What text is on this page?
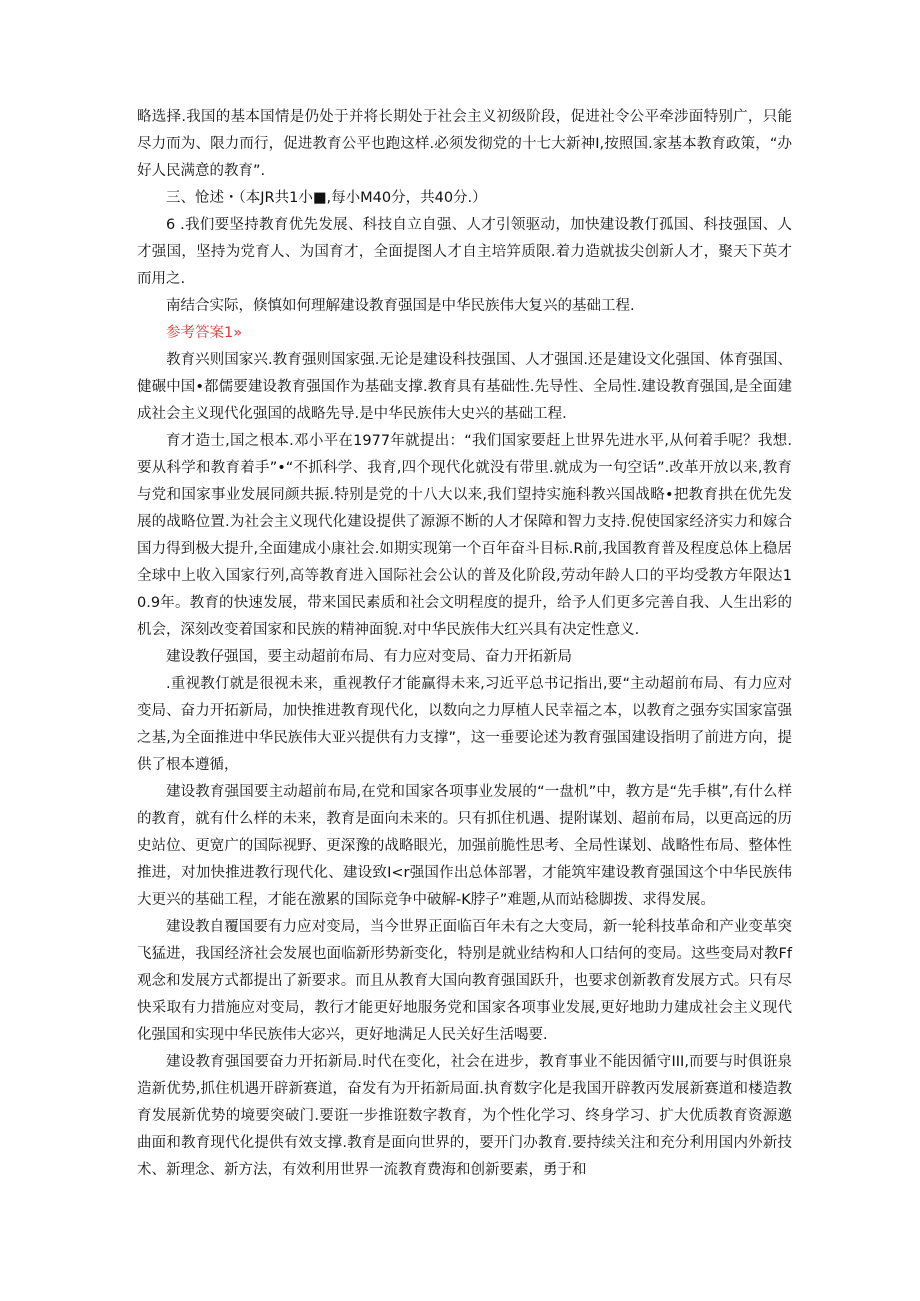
略选择.我国的基本国情是仍处于并将长期处于社会主义初级阶段，促进社令公平牵涉面特别广，只能尽力而为、限力而行，促进教育公平也跑这样.必须发彻党的十七大新神I,按照国.家基本教育政策，“办好人民满意的教育”.

三、怆述・（本JR共1小■,每小M40分，共40分.）

6 .我们要坚持教育优先发展、科技自立自强、人才引领驱动，加快建设教仃孤国、科技强国、人才强国，坚持为党育人、为国育才，全面提图人才自主培笄质限.着力造就拔尖创新人才，聚天下英才而用之.

南结合实际，倏慎如何理解建设教育强国是中华民族伟大复兴的基础工程.

参考答案1»

教育兴则国家兴.教育强则国家强.无论是建设科技强国、人才强国.还是建设文化强国、体育强国、健碾中国•都儒要建设教育强国作为基础支撑.教育具有基础性.先导性、全局性.建设教育强国,是全面建成社会主义现代化强国的战略先导.是中华民族伟大史兴的基础工程.

育才造士,国之根本.邓小平在1977年就提出：“我们国家要赶上世界先进水平,从何着手呢？我想.要从科学和教育着手”•“不抓科学、我育,四个现代化就没有带里.就成为一句空话”.改革开放以来,教育与党和国家事业发展同颜共振.特别是党的十八大以来,我们望持实施科教兴国战略•把教育拱在优先发展的战略位置.为社会主义现代化建设提供了源源不断的人才保障和智力支持.倪使国家经济实力和嫁合国力得到极大提升,全面建成小康社会.如期实现第一个百年奋斗目标.R前,我国教育普及程度总体上稳居全球中上收入国家行列,高等教育进入国际社会公认的普及化阶段,劳动年龄人口的平均受教方年限达10.9年。教育的快速发展，带来国民素质和社会文明程度的提升，给予人们更多完善自我、人生出彩的机会，深刻改变着国家和民族的精神面貌.对中华民族伟大红兴具有决定性意义.

建设教仔强国，要主动超前布局、有力应对变局、奋力开拓新局

.重视教仃就是很视未来，重视教仔才能赢得未来,习近平总书记指出,要“主动超前布局、有力应对变局、奋力开拓新局，加快推进教育现代化，以数向之力厚植人民幸福之本，以教育之强夯实国家富强之基,为全面推进中华民族伟大亚兴提供有力支撑”，这一垂要论述为教育强国建设指明了前进方向，提供了根本遵循，

建设教育强国要主动超前布局,在党和国家各项事业发展的“一盘机”中，教方是“先手棋”,有什么样的教育，就有什么样的未来，教育是面向未来的。只有抓住机遇、提附谋划、超前布局，以更高远的历史站位、更宽广的国际视野、更深豫的战略眼光，加强前脆性思考、全局性谋划、战略性布局、整体性推进，对加快推进教行现代化、建设致I<r强国作出总体部署，才能筑牢建设教育强国这个中华民族伟大更兴的基础工程，才能在激累的国际竞争中破解-K脖子”难题,从而站稔脚拨、求得发展。

建设教自覆国要有力应对变局，当今世界正面临百年未有之大变局，新一轮科技革命和产业变革突飞猛进，我国经济社会发展也面临新形势新变化，特别是就业结构和人口结何的变局。这些变局对教Ff观念和发展方式都提出了新要求。而且从教育大国向教育强国跃升，也要求创新教育发展方式。只有尽快采取有力措施应对变局，教行才能更好地服务党和国家各项事业发展,更好地助力建成社会主义现代化强国和实现中华民族伟大宓兴，更好地满足人民关好生活喝要.

建设教育强国要奋力开拓新局.时代在变化，社会在进步，教育事业不能因循守III,而要与时俱诳泉造新优势,抓住机遇开辟新赛道，奋发有为开拓新局面.执育数字化是我国开辟教丙发展新赛道和楼造教育发展新优势的境要突破门.要诳一步推诳数字教育，为个性化学习、终身学习、扩大优质教育资源邀曲面和教育现代化提供有效支撑.教育是面向世界的，要开门办教育.要持续关注和充分利用国内外新技术、新理念、新方法，有效利用世界一流教育费海和创新要素，勇于和
